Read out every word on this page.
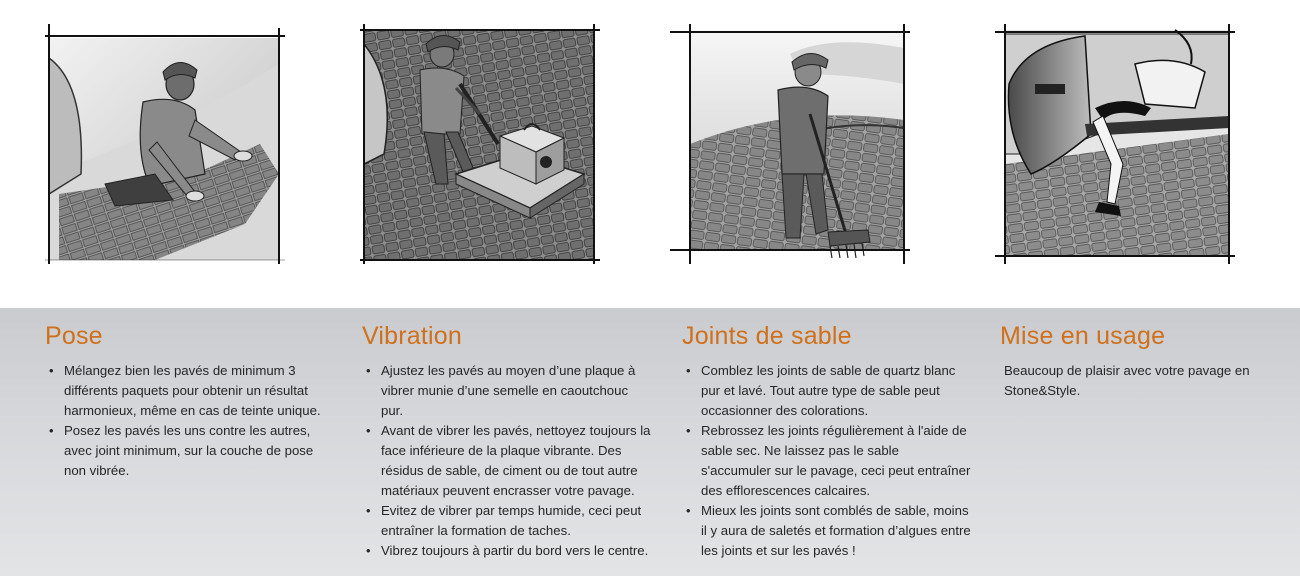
Pose
• Mélangez bien les pavés de minimum 3 différents paquets pour obtenir un résultat harmonieux, même en cas de teinte unique.
• Posez les pavés les uns contre les autres, avec joint minimum, sur la couche de pose non vibrée.
Vibration
• Ajustez les pavés au moyen d’une plaque à vibrer munie d’une semelle en caoutchouc pur.
• Avant de vibrer les pavés, nettoyez toujours la face inférieure de la plaque vibrante. Des résidus de sable, de ciment ou de tout autre matériaux peuvent encrasser votre pavage.
• Evitez de vibrer par temps humide, ceci peut entraîner la formation de taches.
• Vibrez toujours à partir du bord vers le centre.
Joints de sable
• Comblez les joints de sable de quartz blanc pur et lavé. Tout autre type de sable peut occasionner des colorations.
• Rebrossez les joints régulièrement à l'aide de sable sec. Ne laissez pas le sable s'accumuler sur le pavage, ceci peut entraîner des efflorescences calcaires.
• Mieux les joints sont comblés de sable, moins il y aura de saletés et formation d’algues entre les joints et sur les pavés !
Mise en usage

Beaucoup de plaisir avec votre pavage en Stone&Style.
